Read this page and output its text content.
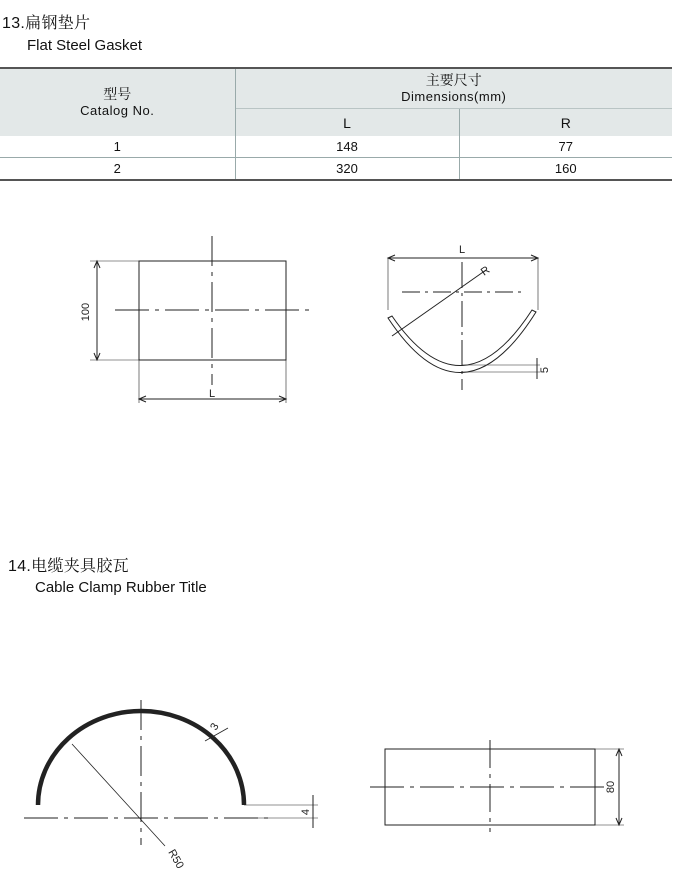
13.扁钢垫片
Flat Steel Gasket
型号
Catalog No.	主要尺寸
Dimensions(mm)	

	L	R
1	148	77
2	320	160
14.电缆夹具胶瓦
Cable Clamp Rubber Title
100
L
L
R
5
3
R50
4
80
